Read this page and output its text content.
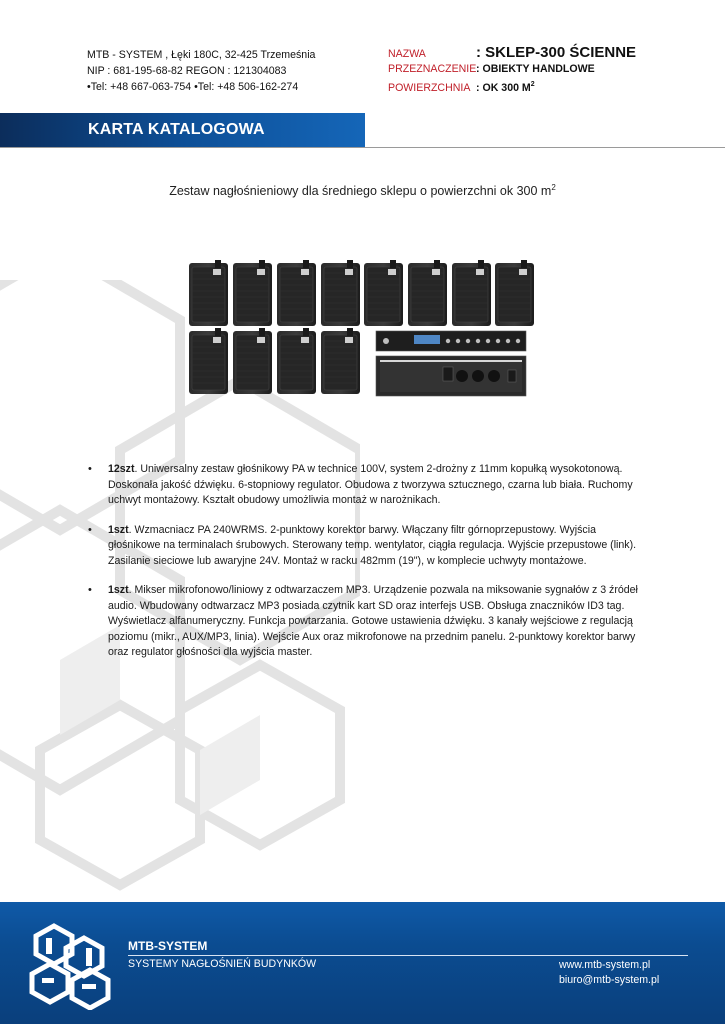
MTB - SYSTEM , Łęki 180C, 32-425 Trzemeśnia
NIP : 681-195-68-82 REGON : 121304083
•Tel: +48 667-063-754 •Tel: +48 506-162-274
NAZWA	: SKLEP-300 ŚCIENNE
PRZEZNACZENIE : OBIEKTY HANDLOWE
POWIERZCHNIA : OK 300 $M^2$
KARTA KATALOGOWA
Zestaw nagłośnieniowy dla średniego sklepu o powierzchni ok 300 $m^2$
•	12szt. Uniwersalny zestaw głośnikowy PA w technice 100V, system 2-drożny z 11mm kopułką wysokotonową. Doskonała jakość dźwięku. 6-stopniowy regulator. Obudowa z tworzywa sztucznego, czarna lub biała. Ruchomy uchwyt montażowy. Kształt obudowy umożliwia montaż w narożnikach.
•	1szt. Wzmacniacz PA 240WRMS. 2-punktowy korektor barwy. Włączany filtr górnoprzepustowy. Wyjścia głośnikowe na terminalach śrubowych. Sterowany temp. wentylator, ciągła regulacja. Wyjście przepustowe (link). Zasilanie sieciowe lub awaryjne 24V. Montaż w racku 482mm (19"), w komplecie uchwyty montażowe.
•	1szt. Mikser mikrofonowo/liniowy z odtwarzaczem MP3. Urządzenie pozwala na miksowanie sygnałów z 3 źródeł audio. Wbudowany odtwarzacz MP3 posiada czytnik kart SD oraz interfejs USB. Obsługa znaczników ID3 tag. Wyświetlacz alfanumeryczny. Funkcja powtarzania. Gotowe ustawienia dźwięku. 3 kanały wejściowe z regulacją poziomu (mikr., AUX/MP3, linia). Wejście Aux oraz mikrofonowe na przednim panelu. 2-punktowy korektor barwy oraz regulator głośności dla wyjścia master.
MTB-SYSTEM
SYSTEMY NAGŁOŚNIEŃ BUDYNKÓW	www.mtb-system.pl
biuro@mtb-system.pl
